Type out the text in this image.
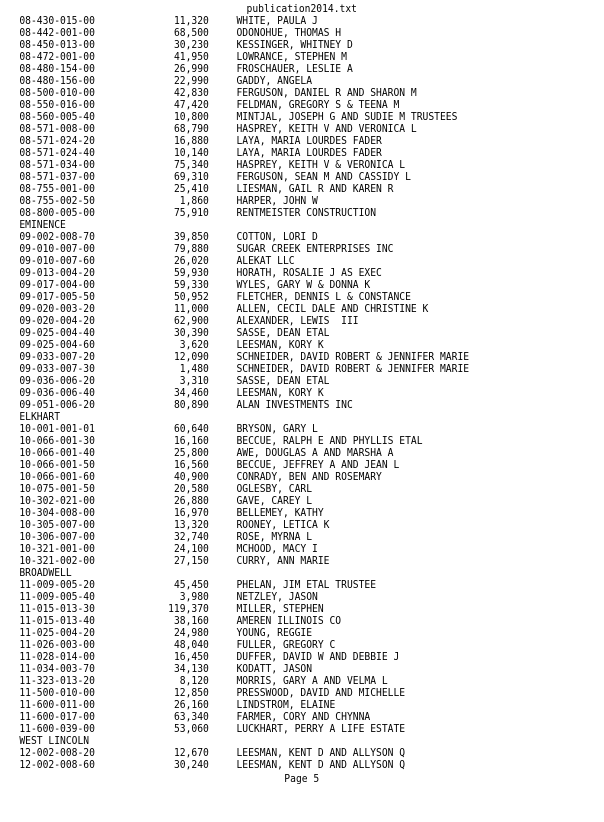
publication2014.txt
08-430-015-00	11,320	WHITE, PAULA J
08-442-001-00	68,500	ODONOHUE, THOMAS H
08-450-013-00	30,230	KESSINGER, WHITNEY D
08-472-001-00	41,950	LOWRANCE, STEPHEN M
08-480-154-00	26,990	FROSCHAUER, LESLIE A
08-480-156-00	22,990	GADDY, ANGELA
08-500-010-00	42,830	FERGUSON, DANIEL R AND SHARON M
08-550-016-00	47,420	FELDMAN, GREGORY S & TEENA M
08-560-005-40	10,800	MINTJAL, JOSEPH G AND SUDIE M TRUSTEES
08-571-008-00	68,790	HASPREY, KEITH V AND VERONICA L
08-571-024-20	16,880	LAYA, MARIA LOURDES FADER
08-571-024-40	10,140	LAYA, MARIA LOURDES FADER
08-571-034-00	75,340	HASPREY, KEITH V & VERONICA L
08-571-037-00	69,310	FERGUSON, SEAN M AND CASSIDY L
08-755-001-00	25,410	LIESMAN, GAIL R AND KAREN R
08-755-002-50	1,860	HARPER, JOHN W
08-800-005-00	75,910	RENTMEISTER CONSTRUCTION
EMINENCE
09-002-008-70	39,850	COTTON, LORI D
09-010-007-00	79,880	SUGAR CREEK ENTERPRISES INC
09-010-007-60	26,020	ALEKAT LLC
09-013-004-20	59,930	HORATH, ROSALIE J AS EXEC
09-017-004-00	59,330	WYLES, GARY W & DONNA K
09-017-005-50	50,952	FLETCHER, DENNIS L & CONSTANCE
09-020-003-20	11,000	ALLEN, CECIL DALE AND CHRISTINE K
09-020-004-20	62,900	ALEXANDER, LEWIS  III
09-025-004-40	30,390	SASSE, DEAN ETAL
09-025-004-60	3,620	LEESMAN, KORY K
09-033-007-20	12,090	SCHNEIDER, DAVID ROBERT & JENNIFER MARIE
09-033-007-30	1,480	SCHNEIDER, DAVID ROBERT & JENNIFER MARIE
09-036-006-20	3,310	SASSE, DEAN ETAL
09-036-006-40	34,460	LEESMAN, KORY K
09-051-006-20	80,890	ALAN INVESTMENTS INC
ELKHART
10-001-001-01	60,640	BRYSON, GARY L
10-066-001-30	16,160	BECCUE, RALPH E AND PHYLLIS ETAL
10-066-001-40	25,800	AWE, DOUGLAS A AND MARSHA A
10-066-001-50	16,560	BECCUE, JEFFREY A AND JEAN L
10-066-001-60	40,900	CONRADY, BEN AND ROSEMARY
10-075-001-50	20,580	OGLESBY, CARL
10-302-021-00	26,880	GAVE, CAREY L
10-304-008-00	16,970	BELLEMEY, KATHY
10-305-007-00	13,320	ROONEY, LETICA K
10-306-007-00	32,740	ROSE, MYRNA L
10-321-001-00	24,100	MCHOOD, MACY I
10-321-002-00	27,150	CURRY, ANN MARIE
BROADWELL
11-009-005-20	45,450	PHELAN, JIM ETAL TRUSTEE
11-009-005-40	3,980	NETZLEY, JASON
11-015-013-30	119,370	MILLER, STEPHEN
11-015-013-40	38,160	AMEREN ILLINOIS CO
11-025-004-20	24,980	YOUNG, REGGIE
11-026-003-00	48,040	FULLER, GREGORY C
11-028-014-00	16,450	DUFFER, DAVID W AND DEBBIE J
11-034-003-70	34,130	KODATT, JASON
11-323-013-20	8,120	MORRIS, GARY A AND VELMA L
11-500-010-00	12,850	PRESSWOOD, DAVID AND MICHELLE
11-600-011-00	26,160	LINDSTROM, ELAINE
11-600-017-00	63,340	FARMER, CORY AND CHYNNA
11-600-039-00	53,060	LUCKHART, PERRY A LIFE ESTATE
WEST LINCOLN
12-002-008-20	12,670	LEESMAN, KENT D AND ALLYSON Q
12-002-008-60	30,240	LEESMAN, KENT D AND ALLYSON Q
Page 5
